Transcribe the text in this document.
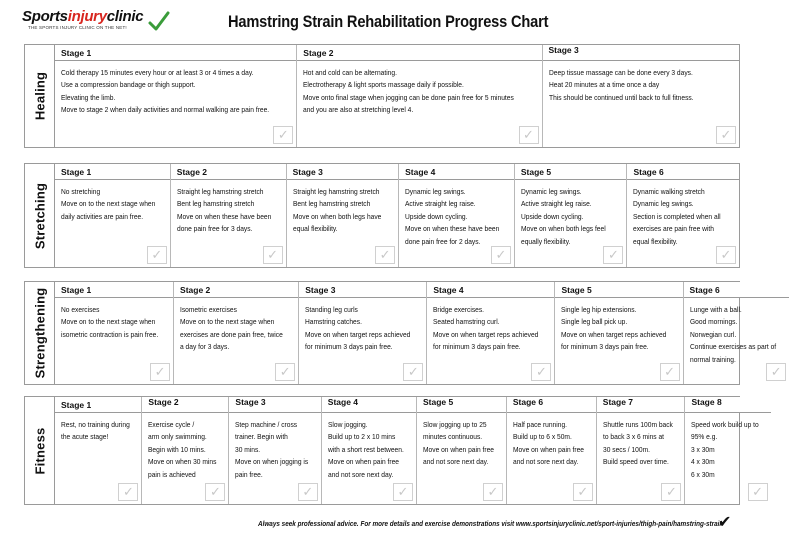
Sportsinjuryclinic
THE SPORTS INJURY CLINIC ON THE NET!	Hamstring Strain Rehabilitation Progress Chart
Healing
Stage 1
Cold therapy 15 minutes every hour or at least 3 or 4 times a day.
Use a compression bandage or thigh support.
Elevating the limb.
Move to stage 2 when daily activities and normal walking are pain free.
✓
Stage 2
Hot and cold can be alternating.
Electrotherapy & light sports massage daily if possible.
Move onto final stage when jogging can be done pain free for 5 minutes
and you are also at stretching level 4.
✓
Stage 3
Deep tissue massage can be done every 3 days.
Heat 20 minutes at a time once a day
This should be continued until back to full fitness.
✓
Stretching
Stage 1
No stretching
Move on to the next stage when
daily activities are pain free.
✓
Stage 2
Straight leg hamstring stretch
Bent leg hamstring stretch
Move on when these have been
done pain free for 3 days.
✓
Stage 3
Straight leg hamstring stretch
Bent leg hamstring stretch
Move on when both legs have
equal flexibility.
✓
Stage 4
Dynamic leg swings.
Active straight leg raise.
Upside down cycling.
Move on when these have been
done pain free for 2 days.
✓
Stage 5
Dynamic leg swings.
Active straight leg raise.
Upside down cycling.
Move on when both legs feel
equally flexibility.
✓
Stage 6
Dynamic walking stretch
Dynamic leg swings.
Section is completed when all
exercises are pain free with
equal flexibility.
✓
Strengthening	Stage 1
No exercises
Move on to the next stage when
isometric contraction is pain free.
✓
Stage 2
Isometric exercises
Move on to the next stage when
exercises are done pain free, twice
a day for 3 days.
✓
Stage 3
Standing leg curls
Hamstring catches.
Move on when target reps achieved
for minimum 3 days pain free.
✓
Stage 4
Bridge exercises.
Seated hamstring curl.
Move on when target reps achieved
for minimum 3 days pain free.
✓
Stage 5
Single leg hip extensions.
Single leg ball pick up.
Move on when target reps achieved
for minimum 3 days pain free.
✓
Stage 6
Lunge with a ball.
Good mornings.
Norwegian curl.
Continue exercises as part of
normal training.
✓
Fitness
Stage 1
Rest, no training during
the acute stage!
✓
Stage 2
Exercise cycle /
arm only swimming.
Begin with 10 mins.
Move on when 30 mins
pain is achieved
✓
Stage 3
Step machine / cross
trainer. Begin with
30 mins.
Move on when jogging is
pain free.
✓
Stage 4
Slow jogging.
Build up to 2 x 10 mins
with a short rest between.
Move on when pain free
and not sore next day.
✓
Stage 5
Slow jogging up to 25
minutes continuous.
Move on when pain free
and not sore next day.
✓
Stage 6
Half pace running.
Build up to 6 x 50m.
Move on when pain free
and not sore next day.
✓
Stage 7
Shuttle runs 100m back
to back 3 x 6 mins at
30 secs / 100m.
Build speed over time.
✓
Stage 8
Speed work build up to
95% e.g.
3 x 30m
4 x 30m
6 x 30m
✓
Always seek professional advice. For more details and exercise demonstrations visit www.sportsinjuryclinic.net/sport-injuries/thigh-pain/hamstring-strain
✔
